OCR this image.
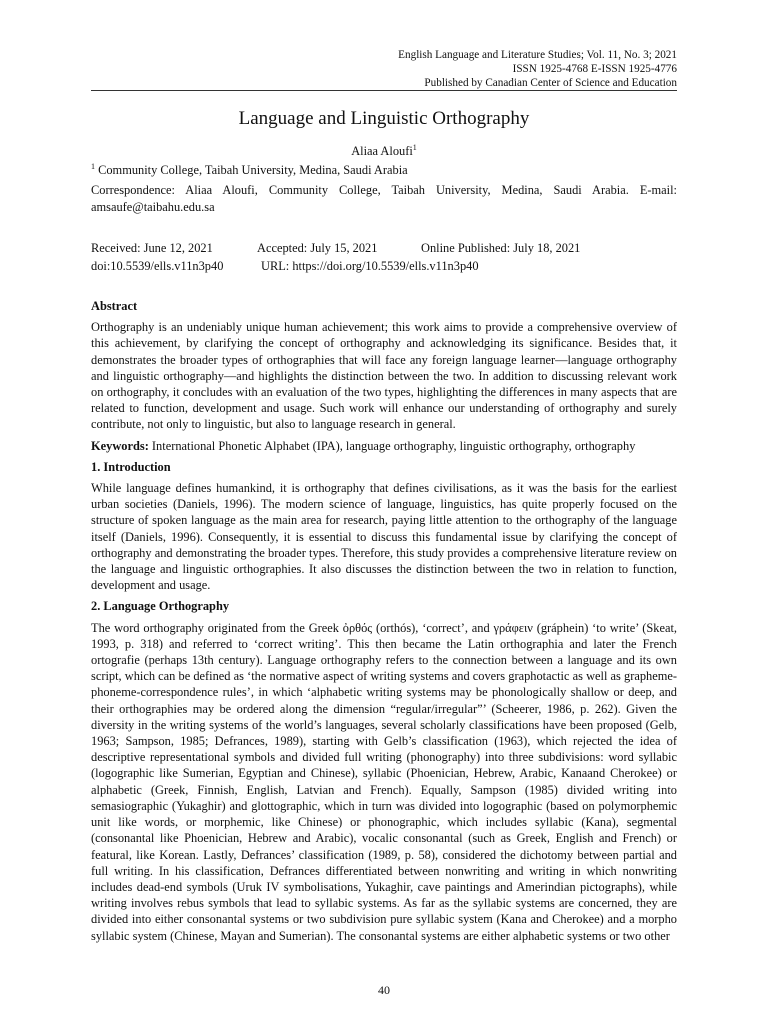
English Language and Literature Studies; Vol. 11, No. 3; 2021
ISSN 1925-4768 E-ISSN 1925-4776
Published by Canadian Center of Science and Education
Language and Linguistic Orthography
Aliaa Aloufi$^1$
$^1$ Community College, Taibah University, Medina, Saudi Arabia
Correspondence: Aliaa Aloufi, Community College, Taibah University, Medina, Saudi Arabia. E-mail: amsaufe@taibahu.edu.sa
Received: June 12, 2021	Accepted: July 15, 2021	Online Published: July 18, 2021
doi:10.5539/ells.v11n3p40	URL: https://doi.org/10.5539/ells.v11n3p40
Abstract
Orthography is an undeniably unique human achievement; this work aims to provide a comprehensive overview of this achievement, by clarifying the concept of orthography and acknowledging its significance. Besides that, it demonstrates the broader types of orthographies that will face any foreign language learner—language orthography and linguistic orthography—and highlights the distinction between the two. In addition to discussing relevant work on orthography, it concludes with an evaluation of the two types, highlighting the differences in many aspects that are related to function, development and usage. Such work will enhance our understanding of orthography and surely contribute, not only to linguistic, but also to language research in general.
Keywords: International Phonetic Alphabet (IPA), language orthography, linguistic orthography, orthography
1. Introduction
While language defines humankind, it is orthography that defines civilisations, as it was the basis for the earliest urban societies (Daniels, 1996). The modern science of language, linguistics, has quite properly focused on the structure of spoken language as the main area for research, paying little attention to the orthography of the language itself (Daniels, 1996). Consequently, it is essential to discuss this fundamental issue by clarifying the concept of orthography and demonstrating the broader types. Therefore, this study provides a comprehensive literature review on the language and linguistic orthographies. It also discusses the distinction between the two in relation to function, development and usage.
2. Language Orthography
The word orthography originated from the Greek ὀρθός (orthós), ‘correct’, and γράφειν (gráphein) ‘to write’ (Skeat, 1993, p. 318) and referred to ‘correct writing’. This then became the Latin orthographia and later the French ortografie (perhaps 13th century). Language orthography refers to the connection between a language and its own script, which can be defined as ‘the normative aspect of writing systems and covers graphotactic as well as grapheme-phoneme-correspondence rules’, in which ‘alphabetic writing systems may be phonologically shallow or deep, and their orthographies may be ordered along the dimension “regular/irregular”’ (Scheerer, 1986, p. 262). Given the diversity in the writing systems of the world’s languages, several scholarly classifications have been proposed (Gelb, 1963; Sampson, 1985; Defrances, 1989), starting with Gelb’s classification (1963), which rejected the idea of descriptive representational symbols and divided full writing (phonography) into three subdivisions: word syllabic (logographic like Sumerian, Egyptian and Chinese), syllabic (Phoenician, Hebrew, Arabic, Kanaand Cherokee) or alphabetic (Greek, Finnish, English, Latvian and French). Equally, Sampson (1985) divided writing into semasiographic (Yukaghir) and glottographic, which in turn was divided into logographic (based on polymorphemic unit like words, or morphemic, like Chinese) or phonographic, which includes syllabic (Kana), segmental (consonantal like Phoenician, Hebrew and Arabic), vocalic consonantal (such as Greek, English and French) or featural, like Korean. Lastly, Defrances’ classification (1989, p. 58), considered the dichotomy between partial and full writing. In his classification, Defrances differentiated between nonwriting and writing in which nonwriting includes dead-end symbols (Uruk IV symbolisations, Yukaghir, cave paintings and Amerindian pictographs), while writing involves rebus symbols that lead to syllabic systems. As far as the syllabic systems are concerned, they are divided into either consonantal systems or two subdivision pure syllabic system (Kana and Cherokee) and a morpho syllabic system (Chinese, Mayan and Sumerian). The consonantal systems are either alphabetic systems or two other
40
